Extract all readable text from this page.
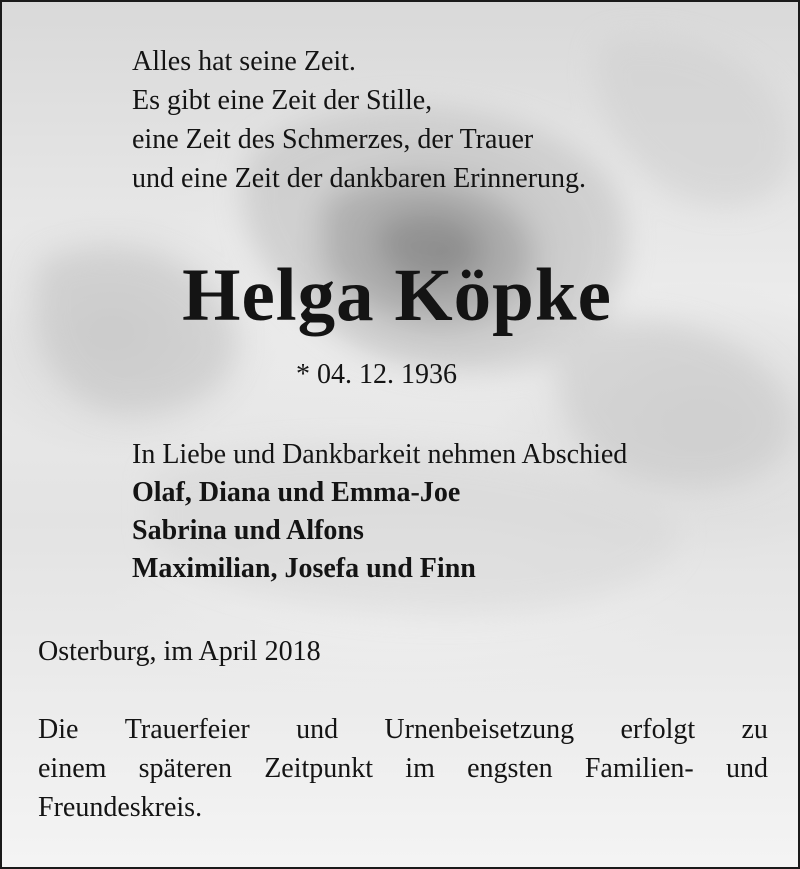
Alles hat seine Zeit.
Es gibt eine Zeit der Stille,
eine Zeit des Schmerzes, der Trauer
und eine Zeit der dankbaren Erinnerung.
Helga Köpke
* 04. 12. 1936
In Liebe und Dankbarkeit nehmen Abschied
Olaf, Diana und Emma-Joe
Sabrina und Alfons
Maximilian, Josefa und Finn
Osterburg, im April 2018
Die Trauerfeier und Urnenbeisetzung erfolgt zu
einem späteren Zeitpunkt im engsten Familien- und
Freundeskreis.
